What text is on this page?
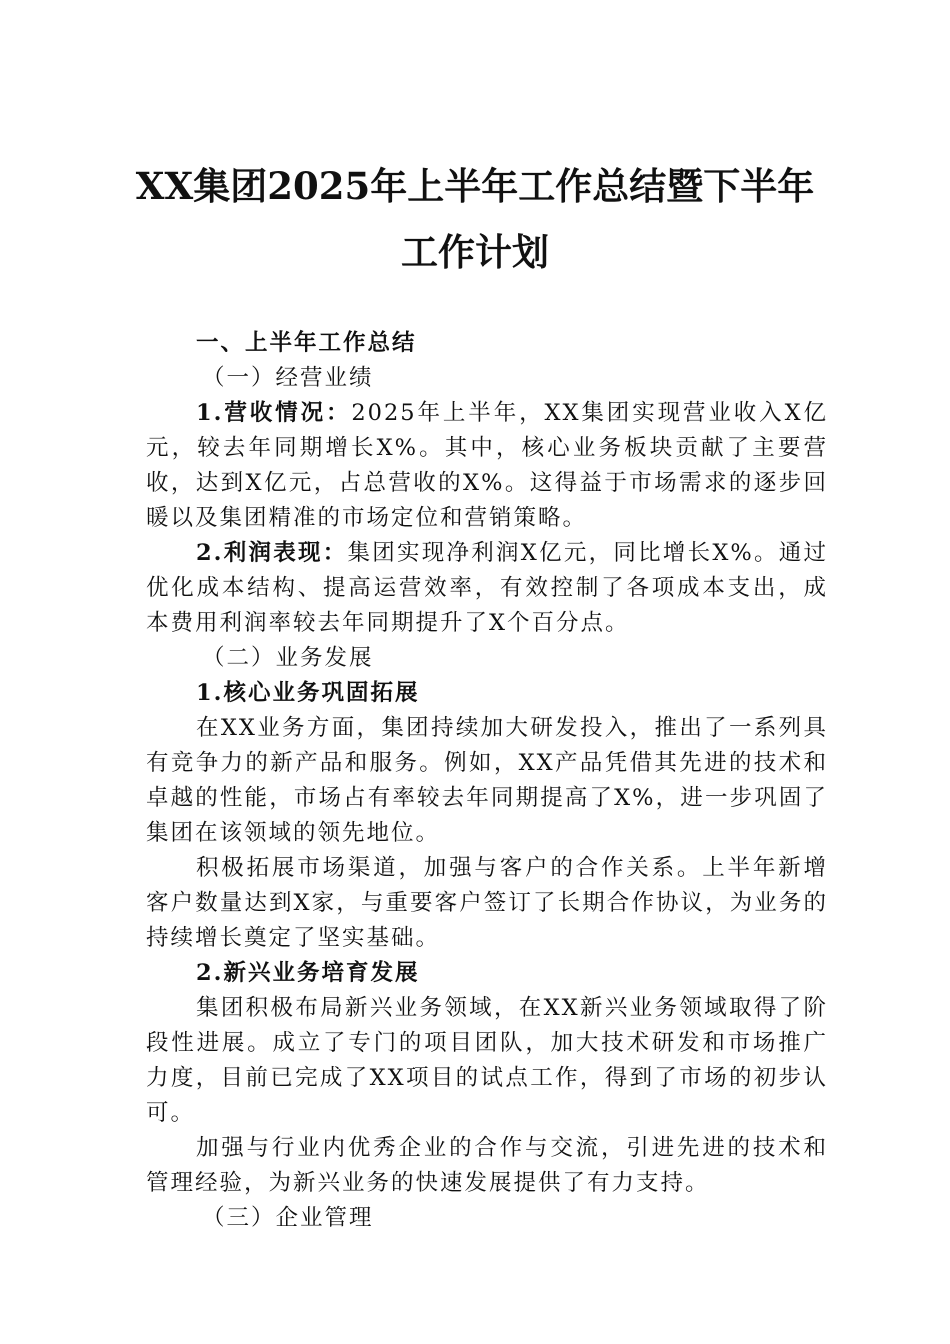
XX集团2025年上半年工作总结暨下半年
工作计划
一、上半年工作总结
（一）经营业绩

1.营收情况：2025年上半年，XX集团实现营业收入X亿元，较去年同期增长X%。其中，核心业务板块贡献了主要营收，达到X亿元，占总营收的X%。这得益于市场需求的逐步回暖以及集团精准的市场定位和营销策略。

2.利润表现：集团实现净利润X亿元，同比增长X%。通过优化成本结构、提高运营效率，有效控制了各项成本支出，成本费用利润率较去年同期提升了X个百分点。

（二）业务发展
1.核心业务巩固拓展

在XX业务方面，集团持续加大研发投入，推出了一系列具有竞争力的新产品和服务。例如，XX产品凭借其先进的技术和卓越的性能，市场占有率较去年同期提高了X%，进一步巩固了集团在该领域的领先地位。

积极拓展市场渠道，加强与客户的合作关系。上半年新增客户数量达到X家，与重要客户签订了长期合作协议，为业务的持续增长奠定了坚实基础。

2.新兴业务培育发展

集团积极布局新兴业务领域，在XX新兴业务领域取得了阶段性进展。成立了专门的项目团队，加大技术研发和市场推广力度，目前已完成了XX项目的试点工作，得到了市场的初步认可。

加强与行业内优秀企业的合作与交流，引进先进的技术和管理经验，为新兴业务的快速发展提供了有力支持。

（三）企业管理
